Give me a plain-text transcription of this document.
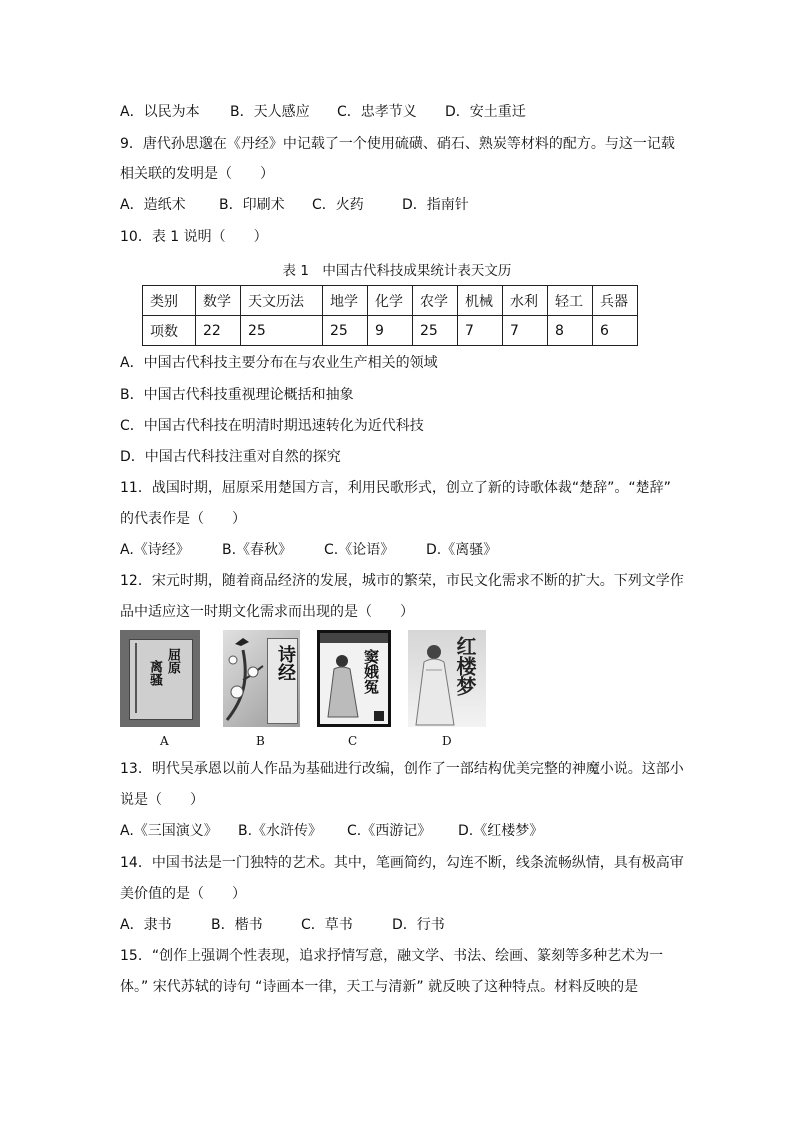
A．以民为本 B．天人感应 C．忠孝节义 D．安土重迁
9．唐代孙思邈在《丹经》中记载了一个使用硫磺、硝石、熟炭等材料的配方。与这一记载
相关联的发明是（　　）
A．造纸术 B．印刷术 C．火药	D．指南针
10．表 1 说明（　　）
表 1　中国古代科技成果统计表天文历
类别	数学	天文历法	地学	化学	农学	机械	水利	轻工	兵器
项数	22	25	25	9	25	7	7	8	6
A．中国古代科技主要分布在与农业生产相关的领域
B．中国古代科技重视理论概括和抽象
C．中国古代科技在明清时期迅速转化为近代科技
D．中国古代科技注重对自然的探究
11．战国时期，屈原采用楚国方言，利用民歌形式，创立了新的诗歌体裁“楚辞”。“楚辞”
的代表作是（　　）
A.《诗经》 B.《春秋》 C.《论语》 D.《离骚》
12．宋元时期，随着商品经济的发展，城市的繁荣，市民文化需求不断的扩大。下列文学作
品中适应这一时期文化需求而出现的是（　　）
屈原
离骚
A
诗经
B
窦娥冤
C
红楼梦
D
13．明代吴承恩以前人作品为基础进行改编，创作了一部结构优美完整的神魔小说。这部小
说是（　　）
A.《三国演义》 B.《水浒传》 C.《西游记》 D.《红楼梦》
14．中国书法是一门独特的艺术。其中，笔画简约，勾连不断，线条流畅纵情，具有极高审
美价值的是（　　）
A．隶书	B．楷书	C．草书	D．行书
15．“创作上强调个性表现，追求抒情写意，融文学、书法、绘画、篆刻等多种艺术为一
体。” 宋代苏轼的诗句 “诗画本一律，天工与清新” 就反映了这种特点。材料反映的是
